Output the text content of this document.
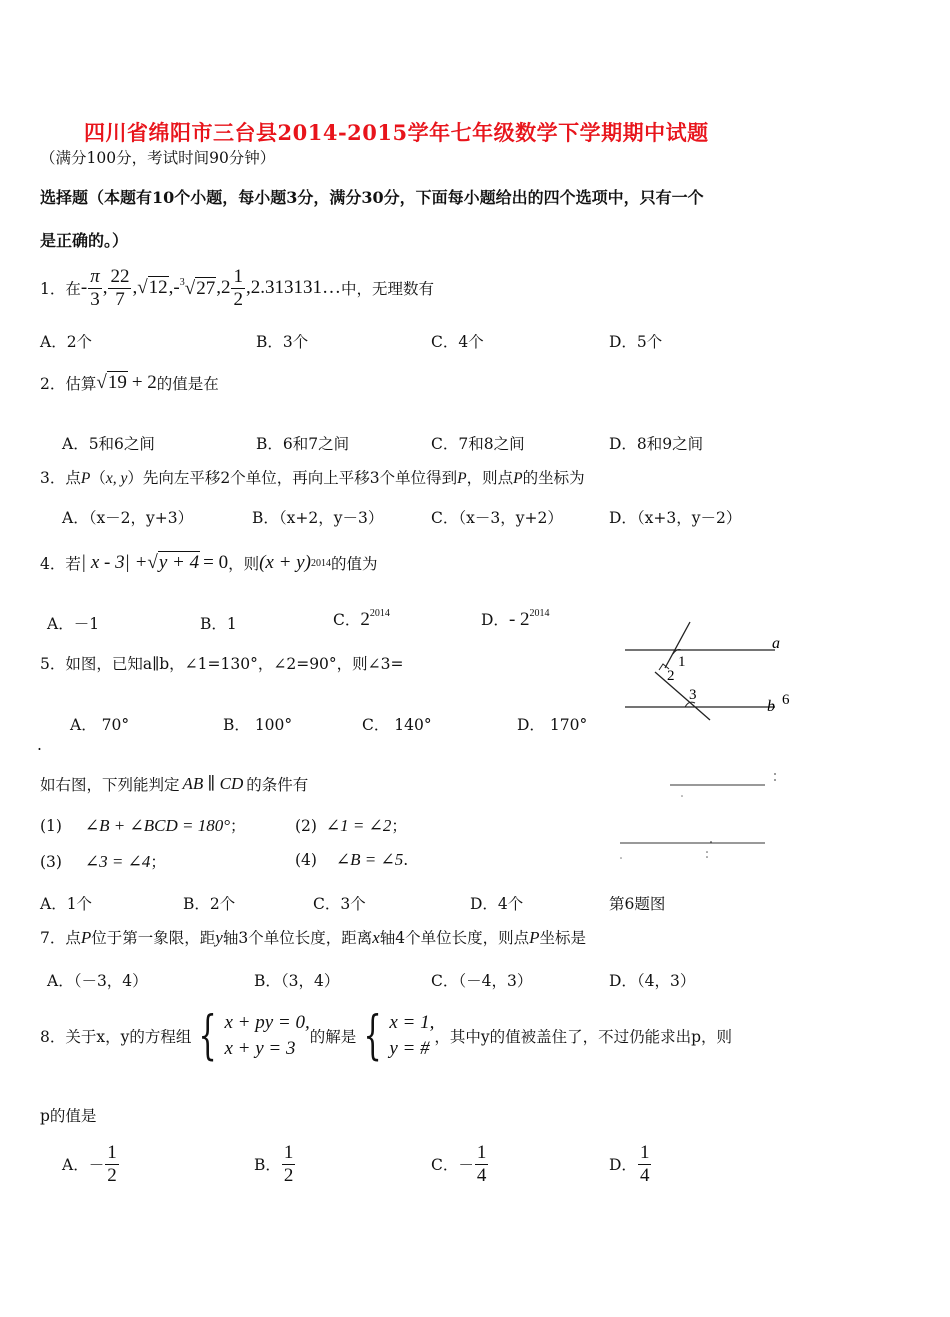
四川省绵阳市三台县2014-2015学年七年级数学下学期期中试题
（满分100分，考试时间90分钟）
选择题（本题有10个小题，每小题3分，满分30分，下面每小题给出的四个选项中，只有一个
是正确的。）
1．在 - $\frac{\pi}{3}$ , $\frac{22}{7}$ , √12 ,- $^3$√27 , $2 \frac{1}{2}$ , 2.313131… 中，无理数有
A．2个	B．3个	C．4个	D．5个
2．估算 √19 + 2 的值是在
A．5和6之间	B．6和7之间	C．7和8之间	D．8和9之间
3．点P（x, y）先向左平移2个单位，再向上平移3个单位得到P，则点P的坐标为
A．（x－2，y+3）	B．（x+2，y－3）	C．（x－3，y+2）	D．（x+3，y－2）
4．若 | x - 3| + √y + 4 = 0 ，则 (x + y) 2014 的值为
A．－1	B．1	C．$2^{2014}$	D．- $2^{2014}$
5．如图，已知a∥b，∠1=130°，∠2=90°，则∠3=
A． 70°	B． 100°	C． 140°	D． 170°
a
b
1
2
3	6
.
如右图，下列能判定 AB ∥ CD 的条件有
(1) ∠B + ∠BCD = 180°；	(2) ∠1 = ∠2；
(3) ∠3 = ∠4；	(4) ∠B = ∠5.
A．1个	B．2个	C．3个	D．4个	第6题图
7．点P位于第一象限，距y轴3个单位长度，距离x轴4个单位长度，则点P坐标是
A．（－3，4）	B．（3，4）	C．（－4，3）	D．（4，3）
8．关于x，y的方程组 { x + py = 0,
x + y = 3
的解是 { x = 1,
y = #
，其中y的值被盖住了，不过仍能求出p，则
p的值是
A．－ $\frac{1}{2}$	B． $\frac{1}{2}$	C．－ $\frac{1}{4}$	D． $\frac{1}{4}$
